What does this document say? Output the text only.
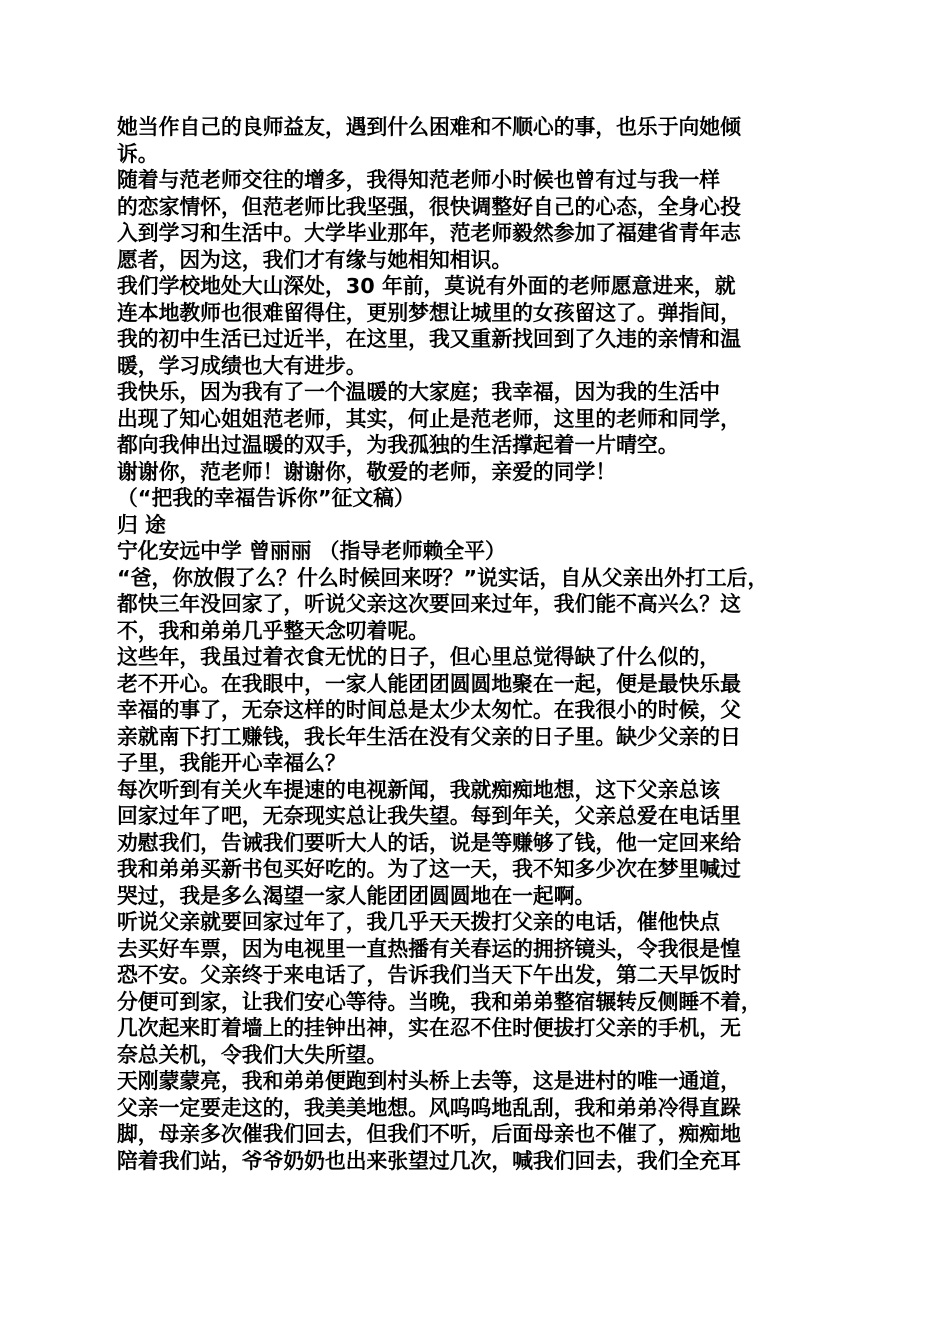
她当作自己的良师益友，遇到什么困难和不顺心的事，也乐于向她倾
诉。
随着与范老师交往的增多，我得知范老师小时候也曾有过与我一样
的恋家情怀，但范老师比我坚强，很快调整好自己的心态，全身心投
入到学习和生活中。大学毕业那年，范老师毅然参加了福建省青年志
愿者，因为这，我们才有缘与她相知相识。
我们学校地处大山深处，30 年前，莫说有外面的老师愿意进来，就
连本地教师也很难留得住，更别梦想让城里的女孩留这了。弹指间，
我的初中生活已过近半，在这里，我又重新找回到了久违的亲情和温
暖，学习成绩也大有进步。
我快乐，因为我有了一个温暖的大家庭；我幸福，因为我的生活中
出现了知心姐姐范老师，其实，何止是范老师，这里的老师和同学，
都向我伸出过温暖的双手，为我孤独的生活撑起着一片晴空。
谢谢你，范老师！谢谢你，敬爱的老师，亲爱的同学！
（“把我的幸福告诉你”征文稿）
归 途
宁化安远中学 曾丽丽 （指导老师赖全平）
“爸，你放假了么？什么时候回来呀？”说实话，自从父亲出外打工后，
都快三年没回家了，听说父亲这次要回来过年，我们能不高兴么？这
不，我和弟弟几乎整天念叨着呢。
这些年，我虽过着衣食无忧的日子，但心里总觉得缺了什么似的，
老不开心。在我眼中，一家人能团团圆圆地聚在一起，便是最快乐最
幸福的事了，无奈这样的时间总是太少太匆忙。在我很小的时候，父
亲就南下打工赚钱，我长年生活在没有父亲的日子里。缺少父亲的日
子里，我能开心幸福么？
每次听到有关火车提速的电视新闻，我就痴痴地想，这下父亲总该
回家过年了吧，无奈现实总让我失望。每到年关，父亲总爱在电话里
劝慰我们，告诫我们要听大人的话，说是等赚够了钱，他一定回来给
我和弟弟买新书包买好吃的。为了这一天，我不知多少次在梦里喊过
哭过，我是多么渴望一家人能团团圆圆地在一起啊。
听说父亲就要回家过年了，我几乎天天拨打父亲的电话，催他快点
去买好车票，因为电视里一直热播有关春运的拥挤镜头，令我很是惶
恐不安。父亲终于来电话了，告诉我们当天下午出发，第二天早饭时
分便可到家，让我们安心等待。当晚，我和弟弟整宿辗转反侧睡不着，
几次起来盯着墙上的挂钟出神，实在忍不住时便拔打父亲的手机，无
奈总关机，令我们大失所望。
天刚蒙蒙亮，我和弟弟便跑到村头桥上去等，这是进村的唯一通道，
父亲一定要走这的，我美美地想。风呜呜地乱刮，我和弟弟冷得直跺
脚，母亲多次催我们回去，但我们不听，后面母亲也不催了，痴痴地
陪着我们站，爷爷奶奶也出来张望过几次，喊我们回去，我们全充耳
